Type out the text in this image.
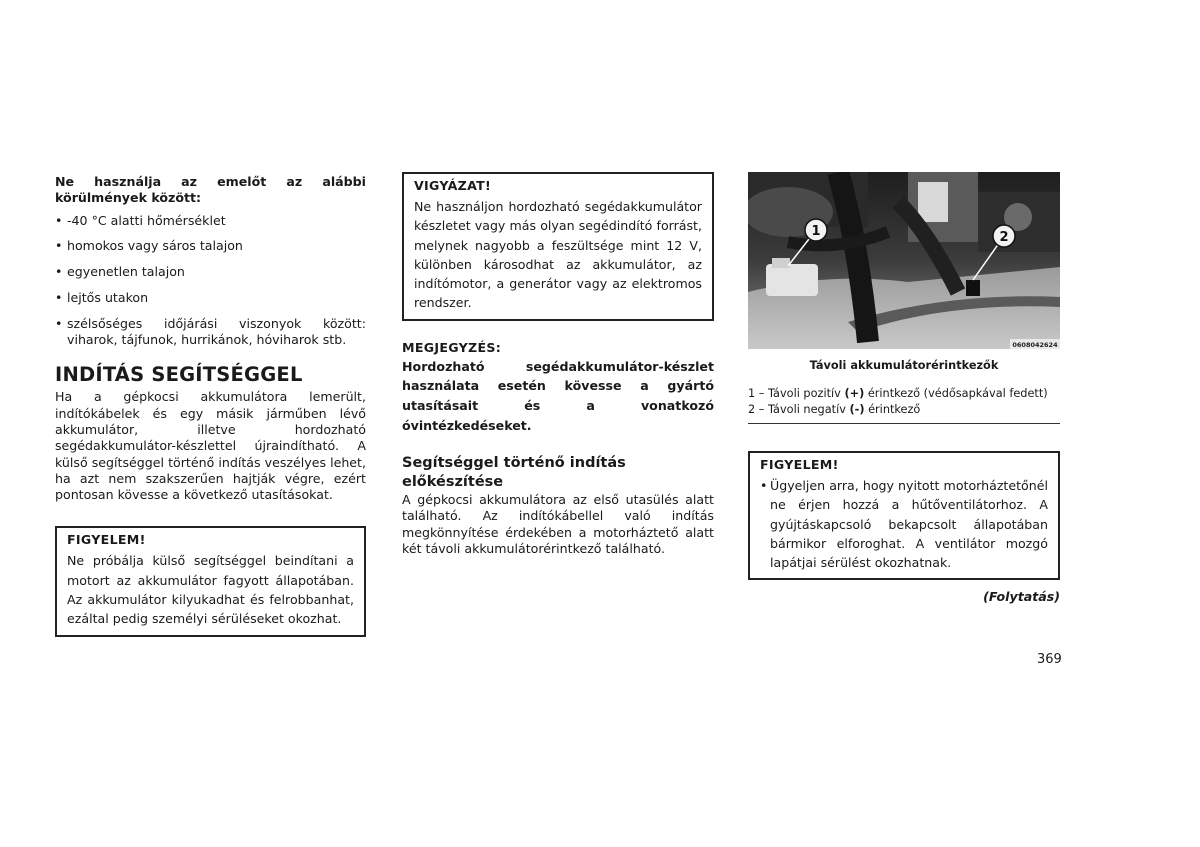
Ne használja az emelőt az alábbi körülmények között:

• -40 °C alatti hőmérséklet
• homokos vagy sáros talajon
• egyenetlen talajon
• lejtős utakon
• szélsőséges időjárási viszonyok között: viharok, tájfunok, hurrikánok, hóviharok stb.
INDÍTÁS SEGÍTSÉGGEL

Ha a gépkocsi akkumulátora lemerült, indítókábelek és egy másik járműben lévő akkumulátor, illetve hordozható segédakkumulátor-készlettel újraindítható. A külső segítséggel történő indítás veszélyes lehet, ha azt nem szakszerűen hajtják végre, ezért pontosan kövesse a következő utasításokat.

FIGYELEM!

Ne próbálja külső segítséggel beindítani a motort az akkumulátor fagyott állapotában. Az akkumulátor kilyukadhat és felrobbanhat, ezáltal pedig személyi sérüléseket okozhat.

VIGYÁZAT!

Ne használjon hordozható segédakkumulátor készletet vagy más olyan segédindító forrást, melynek nagyobb a feszültsége mint 12 V, különben károsodhat az akkumulátor, az indítómotor, a generátor vagy az elektromos rendszer.

MEGJEGYZÉS:

Hordozható segédakkumulátor-készlet használata esetén kövesse a gyártó utasításait és a vonatkozó óvintézkedéseket.

Segítséggel történő indítás előkészítése

A gépkocsi akkumulátora az első utasülés alatt található. Az indítókábellel való indítás megkönnyítése érdekében a motorháztető alatt két távoli akkumulátorérintkező található.

1	2
0608042624
Távoli akkumulátorérintkezők
1 – Távoli pozitív (+) érintkező (védősapkával fedett)
2 – Távoli negatív (-) érintkező
FIGYELEM!
• Ügyeljen arra, hogy nyitott motorháztetőnél ne érjen hozzá a hűtőventilátorhoz. A gyújtáskapcsoló bekapcsolt állapotában bármikor elforoghat. A ventilátor mozgó lapátjai sérülést okozhatnak.
(Folytatás)
369
